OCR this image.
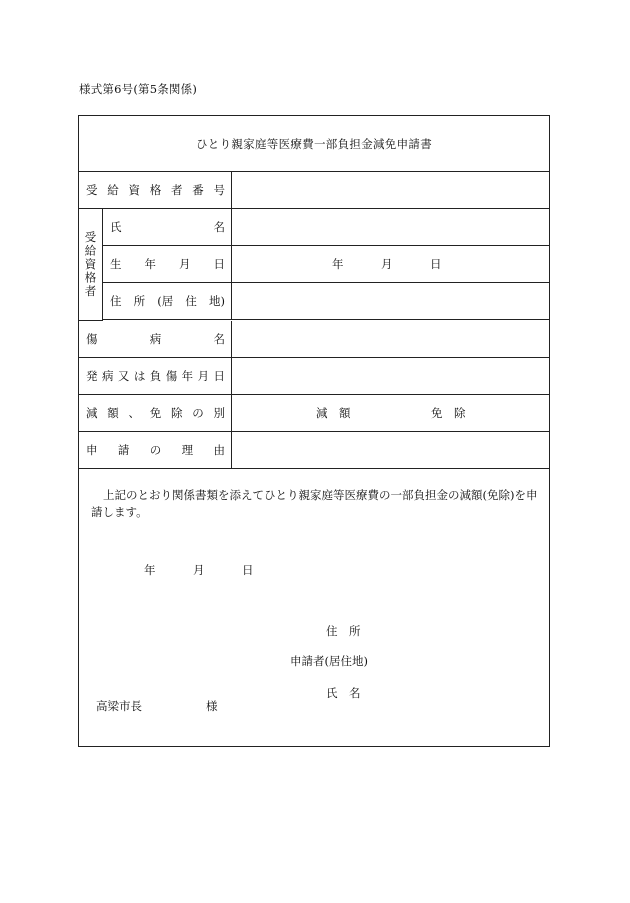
様式第6号(第5条関係)
ひとり親家庭等医療費一部負担金減免申請書
受 給 資 格 者 番 号
受給資格者
氏	名
生 年 月 日	年	月	日
住 所 (居 住 地)
傷	病	名
発 病 又 は 負 傷 年 月 日
減 額 、 免 除 の 別	減　額	免　除
申 請 の 理 由
上記のとおり関係書類を添えてひとり親家庭等医療費の一部負担金の減額(免除)を申請します。
年	月	日
住　所
申請者(居住地)
氏　名
高梁市長	様
